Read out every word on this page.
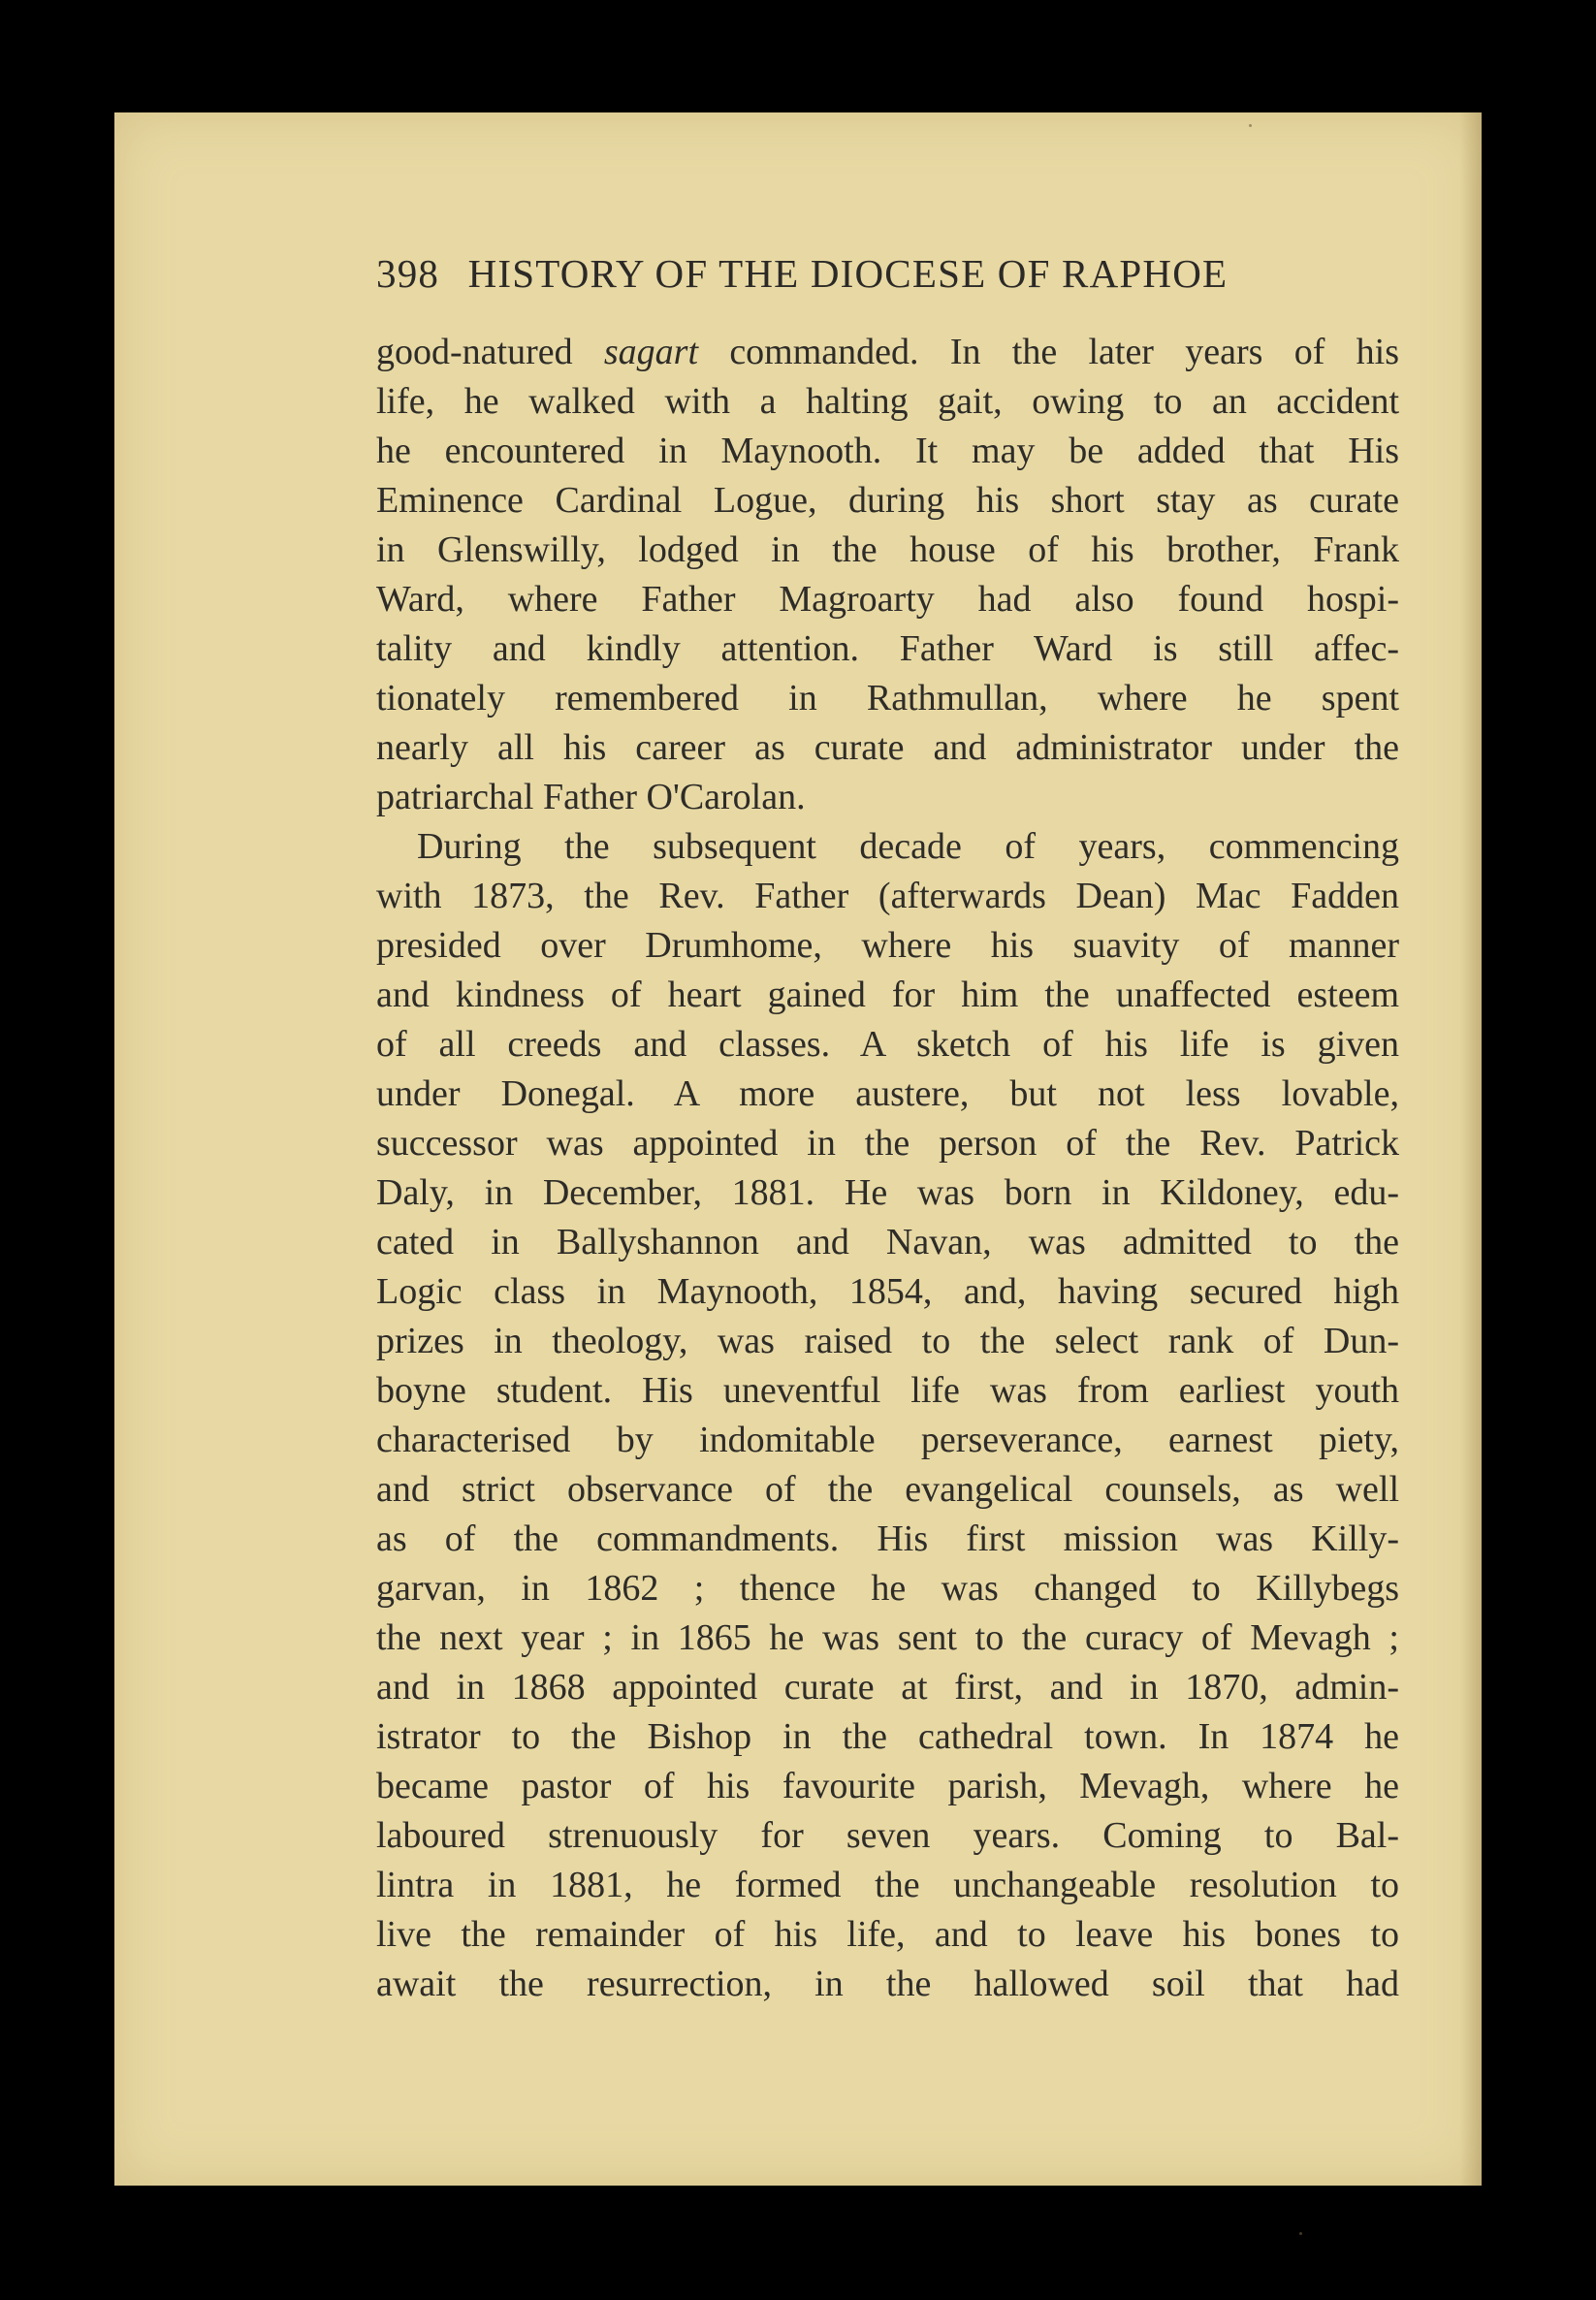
398 HISTORY OF THE DIOCESE OF RAPHOE
good-natured sagart commanded. In the later years of his
life, he walked with a halting gait, owing to an accident
he encountered in Maynooth. It may be added that His
Eminence Cardinal Logue, during his short stay as curate
in Glenswilly, lodged in the house of his brother, Frank
Ward, where Father Magroarty had also found hospi-
tality and kindly attention. Father Ward is still affec-
tionately remembered in Rathmullan, where he spent
nearly all his career as curate and administrator under the
patriarchal Father O'Carolan.
During the subsequent decade of years, commencing
with 1873, the Rev. Father (afterwards Dean) Mac Fadden
presided over Drumhome, where his suavity of manner
and kindness of heart gained for him the unaffected esteem
of all creeds and classes. A sketch of his life is given
under Donegal. A more austere, but not less lovable,
successor was appointed in the person of the Rev. Patrick
Daly, in December, 1881. He was born in Kildoney, edu-
cated in Ballyshannon and Navan, was admitted to the
Logic class in Maynooth, 1854, and, having secured high
prizes in theology, was raised to the select rank of Dun-
boyne student. His uneventful life was from earliest youth
characterised by indomitable perseverance, earnest piety,
and strict observance of the evangelical counsels, as well
as of the commandments. His first mission was Killy-
garvan, in 1862 ; thence he was changed to Killybegs
the next year ; in 1865 he was sent to the curacy of Mevagh ;
and in 1868 appointed curate at first, and in 1870, admin-
istrator to the Bishop in the cathedral town. In 1874 he
became pastor of his favourite parish, Mevagh, where he
laboured strenuously for seven years. Coming to Bal-
lintra in 1881, he formed the unchangeable resolution to
live the remainder of his life, and to leave his bones to
await the resurrection, in the hallowed soil that had
